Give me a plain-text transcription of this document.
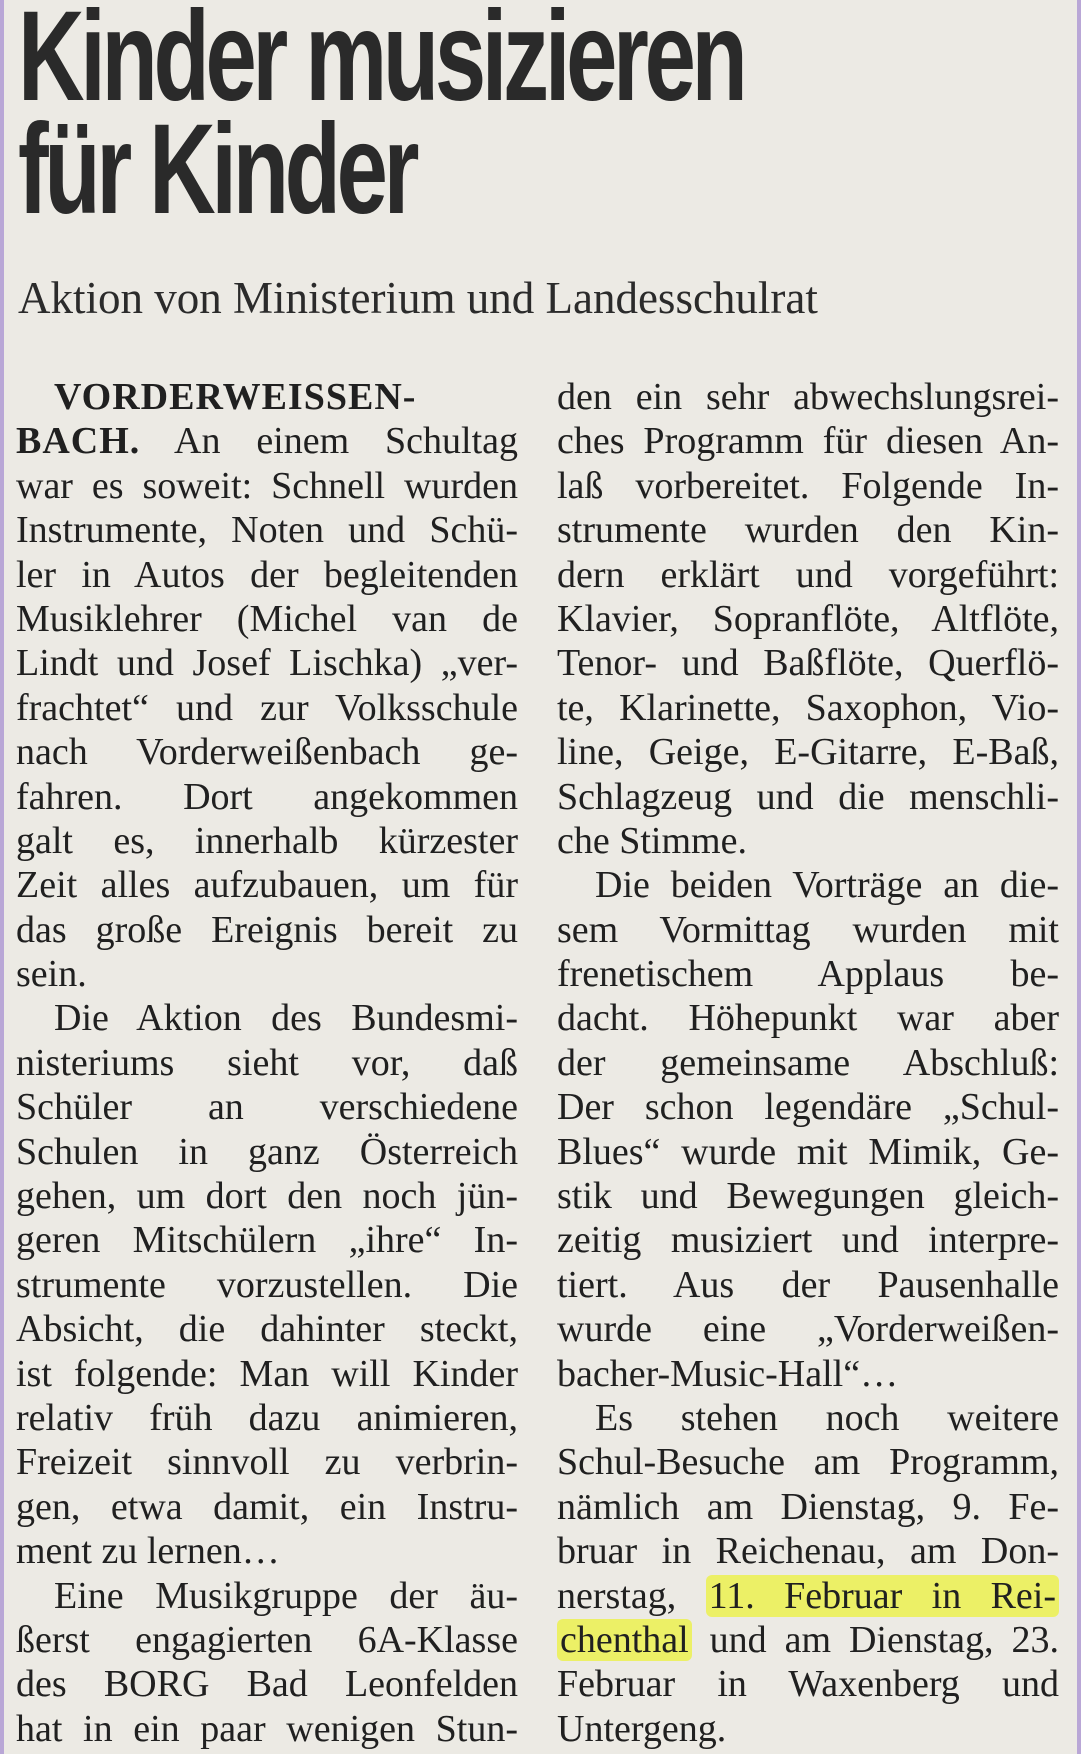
Kinder musizieren
für Kinder
Aktion von Ministerium und Landesschulrat
VORDERWEISSEN-
BACH. An einem Schultag
war es soweit: Schnell wurden
Instrumente, Noten und Schü-
ler in Autos der begleitenden
Musiklehrer (Michel van de
Lindt und Josef Lischka) „ver-
frachtet“ und zur Volksschule
nach Vorderweißenbach ge-
fahren. Dort angekommen
galt es, innerhalb kürzester
Zeit alles aufzubauen, um für
das große Ereignis bereit zu
sein.
Die Aktion des Bundesmi-
nisteriums sieht vor, daß
Schüler an verschiedene
Schulen in ganz Österreich
gehen, um dort den noch jün-
geren Mitschülern „ihre“ In-
strumente vorzustellen. Die
Absicht, die dahinter steckt,
ist folgende: Man will Kinder
relativ früh dazu animieren,
Freizeit sinnvoll zu verbrin-
gen, etwa damit, ein Instru-
ment zu lernen…
Eine Musikgruppe der äu-
ßerst engagierten 6A-Klasse
des BORG Bad Leonfelden
hat in ein paar wenigen Stun-
den ein sehr abwechslungsrei-
ches Programm für diesen An-
laß vorbereitet. Folgende In-
strumente wurden den Kin-
dern erklärt und vorgeführt:
Klavier, Sopranflöte, Altflöte,
Tenor- und Baßflöte, Querflö-
te, Klarinette, Saxophon, Vio-
line, Geige, E-Gitarre, E-Baß,
Schlagzeug und die menschli-
che Stimme.
Die beiden Vorträge an die-
sem Vormittag wurden mit
frenetischem Applaus be-
dacht. Höhepunkt war aber
der gemeinsame Abschluß:
Der schon legendäre „Schul-
Blues“ wurde mit Mimik, Ge-
stik und Bewegungen gleich-
zeitig musiziert und interpre-
tiert. Aus der Pausenhalle
wurde eine „Vorderweißen-
bacher-Music-Hall“…
Es stehen noch weitere
Schul-Besuche am Programm,
nämlich am Dienstag, 9. Fe-
bruar in Reichenau, am Don-
nerstag, 11. Februar in Rei-
chenthal und am Dienstag, 23.
Februar in Waxenberg und
Untergeng.
